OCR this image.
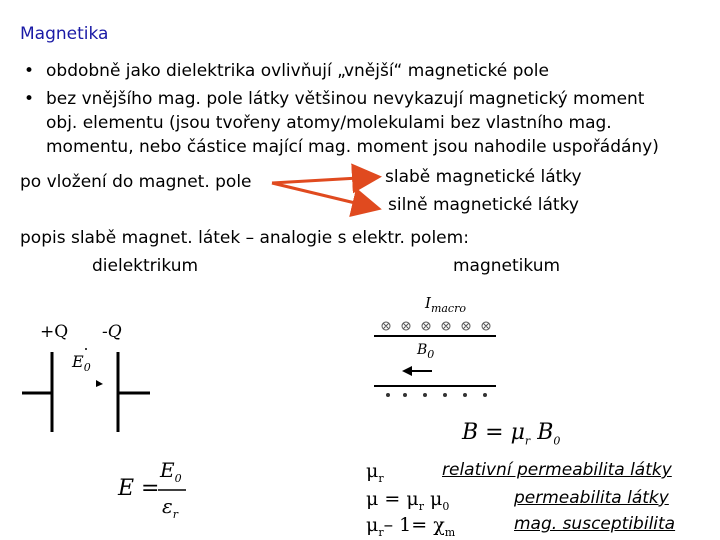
Magnetika
• obdobně jako dielektrika ovlivňují „vnější“ magnetické pole
• bez vnějšího mag. pole látky většinou nevykazují magnetický moment
obj. elementu (jsou tvořeny atomy/molekulami bez vlastního mag.
momentu, nebo částice mající mag. moment jsou nahodile uspořádány)
po vložení do magnet. pole	slabě magnetické látky
silně magnetické látky
popis slabě magnet. látek – analogie s elektr. polem:
dielektrikum	magnetikum
+Q -Q
$E_0$
$I_{macro}$
$B_0$
E =
$E_0$
$\varepsilon_r$
$B = \mu_r$ $B_0$
$\mu_r$	relativní permeabilita látky
$\mu = \mu_r$ $\mu_0$	permeabilita látky
$\mu_r-$ $1= \chi_m$	mag. susceptibilita
